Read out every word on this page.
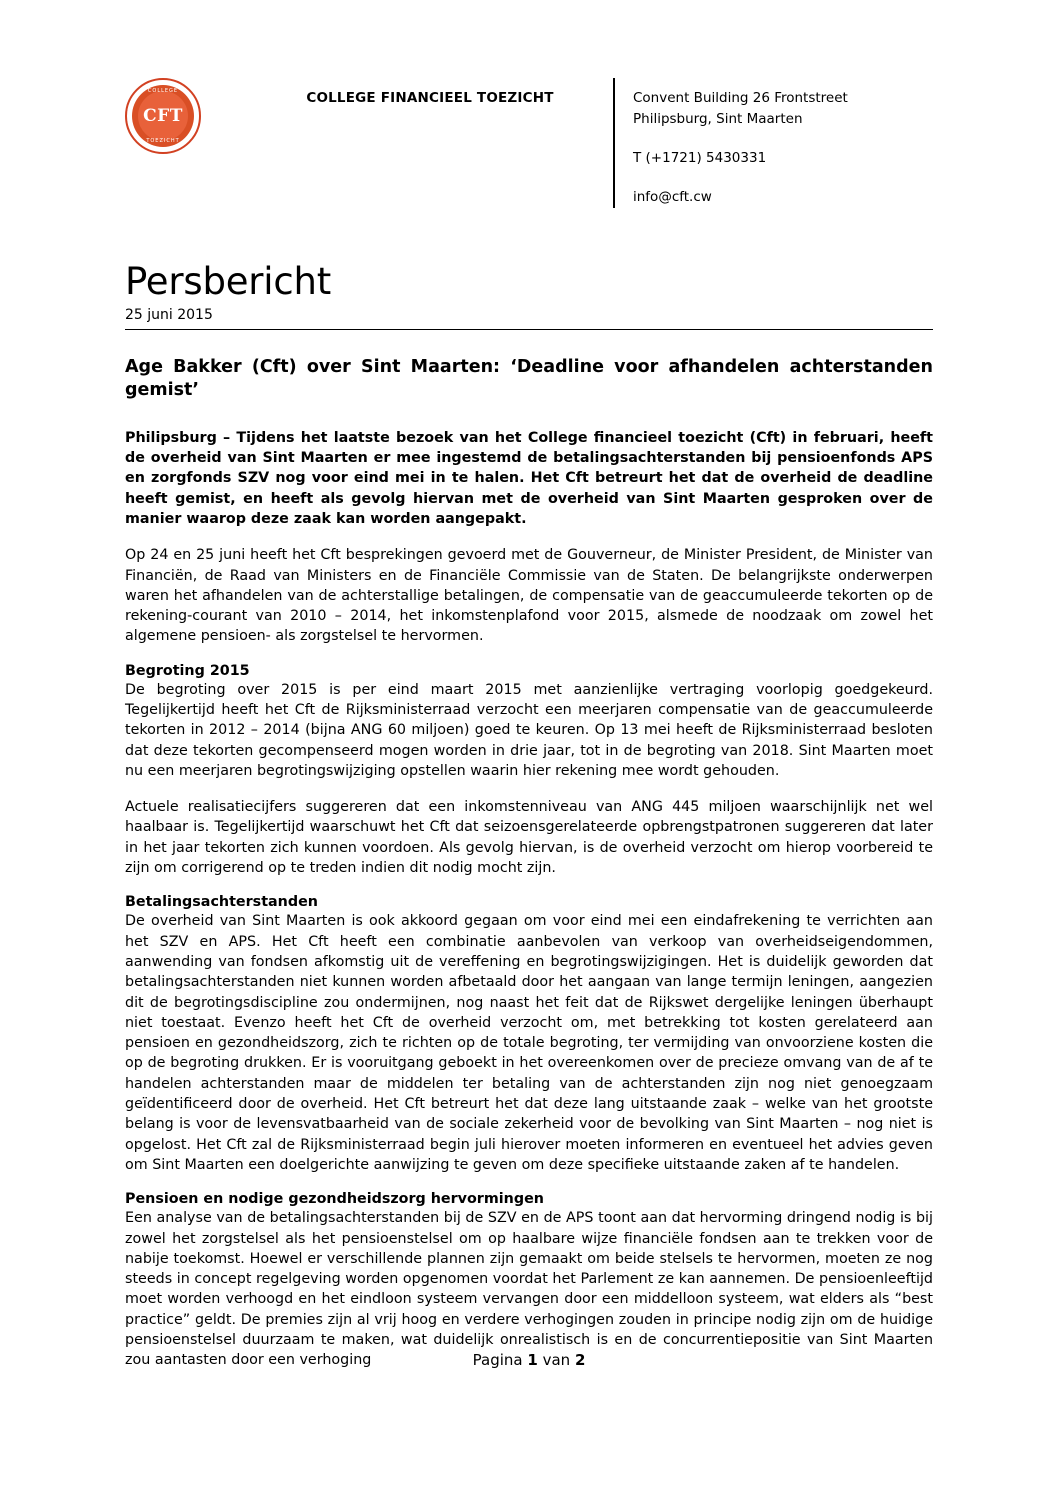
CFT
COLLEGE
TOEZICHT
COLLEGE FINANCIEEL TOEZICHT	Convent Building 26 Frontstreet
Philipsburg, Sint Maarten
T (+1721) 5430331
info@cft.cw
Persbericht
25 juni 2015
Age Bakker (Cft) over Sint Maarten: ‘Deadline voor afhandelen achterstanden gemist’

Philipsburg – Tijdens het laatste bezoek van het College financieel toezicht (Cft) in februari, heeft de overheid van Sint Maarten er mee ingestemd de betalingsachterstanden bij pensioenfonds APS en zorgfonds SZV nog voor eind mei in te halen. Het Cft betreurt het dat de overheid de deadline heeft gemist, en heeft als gevolg hiervan met de overheid van Sint Maarten gesproken over de manier waarop deze zaak kan worden aangepakt.

Op 24 en 25 juni heeft het Cft besprekingen gevoerd met de Gouverneur, de Minister President, de Minister van Financiën, de Raad van Ministers en de Financiële Commissie van de Staten. De belangrijkste onderwerpen waren het afhandelen van de achterstallige betalingen, de compensatie van de geaccumuleerde tekorten op de rekening-courant van 2010 – 2014, het inkomstenplafond voor 2015, alsmede de noodzaak om zowel het algemene pensioen- als zorgstelsel te hervormen.

Begroting 2015

De begroting over 2015 is per eind maart 2015 met aanzienlijke vertraging voorlopig goedgekeurd. Tegelijkertijd heeft het Cft de Rijksministerraad verzocht een meerjaren compensatie van de geaccumuleerde tekorten in 2012 – 2014 (bijna ANG 60 miljoen) goed te keuren. Op 13 mei heeft de Rijksministerraad besloten dat deze tekorten gecompenseerd mogen worden in drie jaar, tot in de begroting van 2018. Sint Maarten moet nu een meerjaren begrotingswijziging opstellen waarin hier rekening mee wordt gehouden.

Actuele realisatiecijfers suggereren dat een inkomstenniveau van ANG 445 miljoen waarschijnlijk net wel haalbaar is. Tegelijkertijd waarschuwt het Cft dat seizoensgerelateerde opbrengstpatronen suggereren dat later in het jaar tekorten zich kunnen voordoen. Als gevolg hiervan, is de overheid verzocht om hierop voorbereid te zijn om corrigerend op te treden indien dit nodig mocht zijn.

Betalingsachterstanden

De overheid van Sint Maarten is ook akkoord gegaan om voor eind mei een eindafrekening te verrichten aan het SZV en APS. Het Cft heeft een combinatie aanbevolen van verkoop van overheidseigendommen, aanwending van fondsen afkomstig uit de vereffening en begrotingswijzigingen. Het is duidelijk geworden dat betalingsachterstanden niet kunnen worden afbetaald door het aangaan van lange termijn leningen, aangezien dit de begrotingsdiscipline zou ondermijnen, nog naast het feit dat de Rijkswet dergelijke leningen überhaupt niet toestaat. Evenzo heeft het Cft de overheid verzocht om, met betrekking tot kosten gerelateerd aan pensioen en gezondheidszorg, zich te richten op de totale begroting, ter vermijding van onvoorziene kosten die op de begroting drukken. Er is vooruitgang geboekt in het overeenkomen over de precieze omvang van de af te handelen achterstanden maar de middelen ter betaling van de achterstanden zijn nog niet genoegzaam geïdentificeerd door de overheid. Het Cft betreurt het dat deze lang uitstaande zaak – welke van het grootste belang is voor de levensvatbaarheid van de sociale zekerheid voor de bevolking van Sint Maarten – nog niet is opgelost. Het Cft zal de Rijksministerraad begin juli hierover moeten informeren en eventueel het advies geven om Sint Maarten een doelgerichte aanwijzing te geven om deze specifieke uitstaande zaken af te handelen.

Pensioen en nodige gezondheidszorg hervormingen

Een analyse van de betalingsachterstanden bij de SZV en de APS toont aan dat hervorming dringend nodig is bij zowel het zorgstelsel als het pensioenstelsel om op haalbare wijze financiële fondsen aan te trekken voor de nabije toekomst. Hoewel er verschillende plannen zijn gemaakt om beide stelsels te hervormen, moeten ze nog steeds in concept regelgeving worden opgenomen voordat het Parlement ze kan aannemen. De pensioenleeftijd moet worden verhoogd en het eindloon systeem vervangen door een middelloon systeem, wat elders als “best practice” geldt. De premies zijn al vrij hoog en verdere verhogingen zouden in principe nodig zijn om de huidige pensioenstelsel duurzaam te maken, wat duidelijk onrealistisch is en de concurrentiepositie van Sint Maarten zou aantasten door een verhoging	Pagina 1 van 2
